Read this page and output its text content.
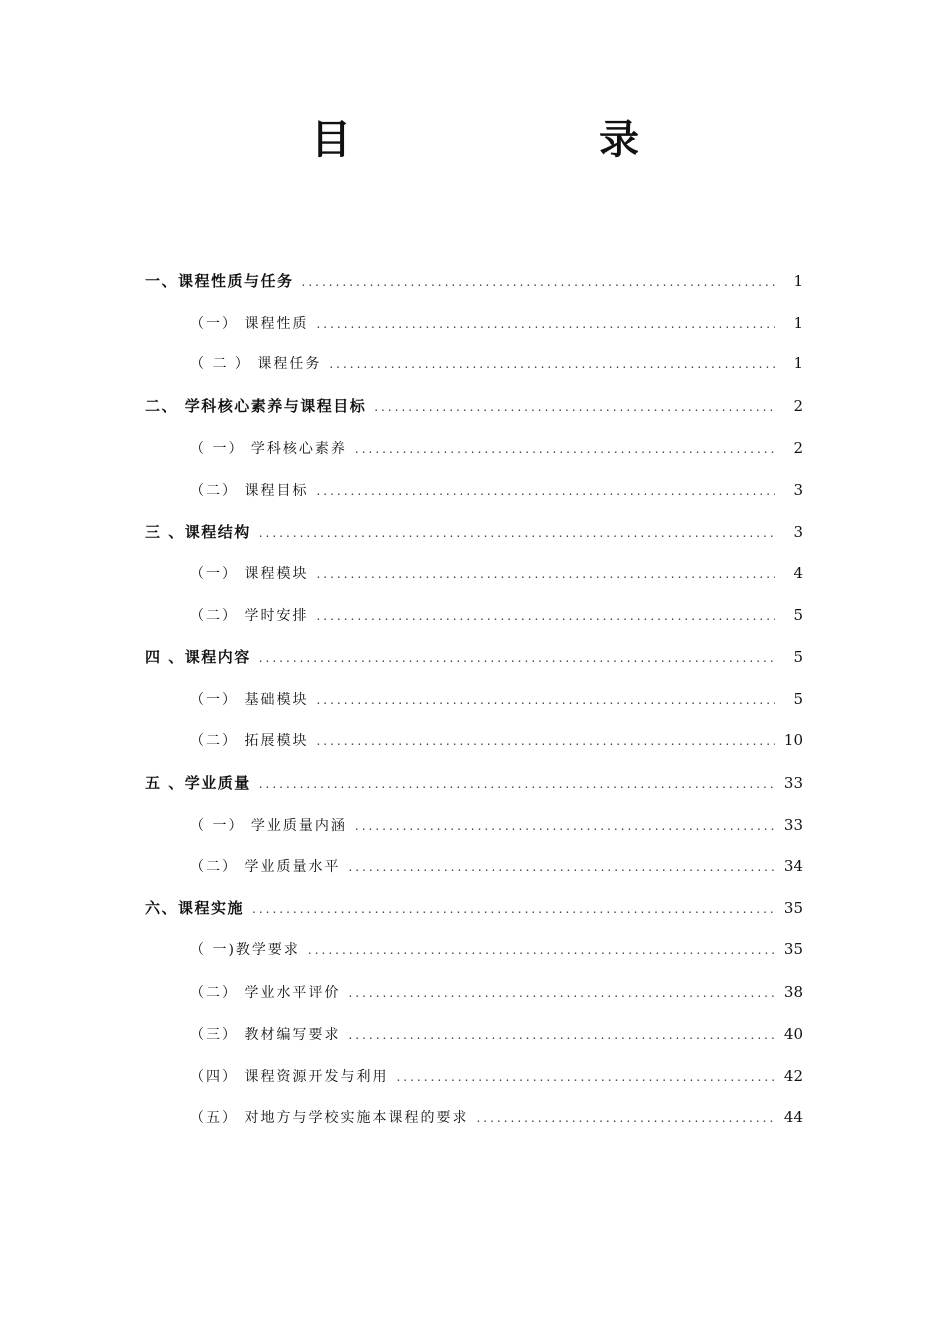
目　　录
一、课程性质与任务 .....	1
（一） 课程性质 .....	1
（ 二 ） 课程任务 .....	1
二、 学科核心素养与课程目标 .....	2
（ 一） 学科核心素养 .....	2
（二） 课程目标 .....	3
三 、课程结构 .....	3
（一） 课程模块 .....	4
（二） 学时安排 .....	5
四 、课程内容 .....	5
（一） 基础模块 .....	5
（二） 拓展模块 .....	10
五 、学业质量 .....	33
（ 一） 学业质量内涵 .....	33
（二） 学业质量水平 .....	34
六、课程实施 .....	35
（ 一)教学要求 .....	35
（二） 学业水平评价 .....	38
（三） 教材编写要求 .....	40
（四） 课程资源开发与利用 .....	42
（五） 对地方与学校实施本课程的要求 .....	44
